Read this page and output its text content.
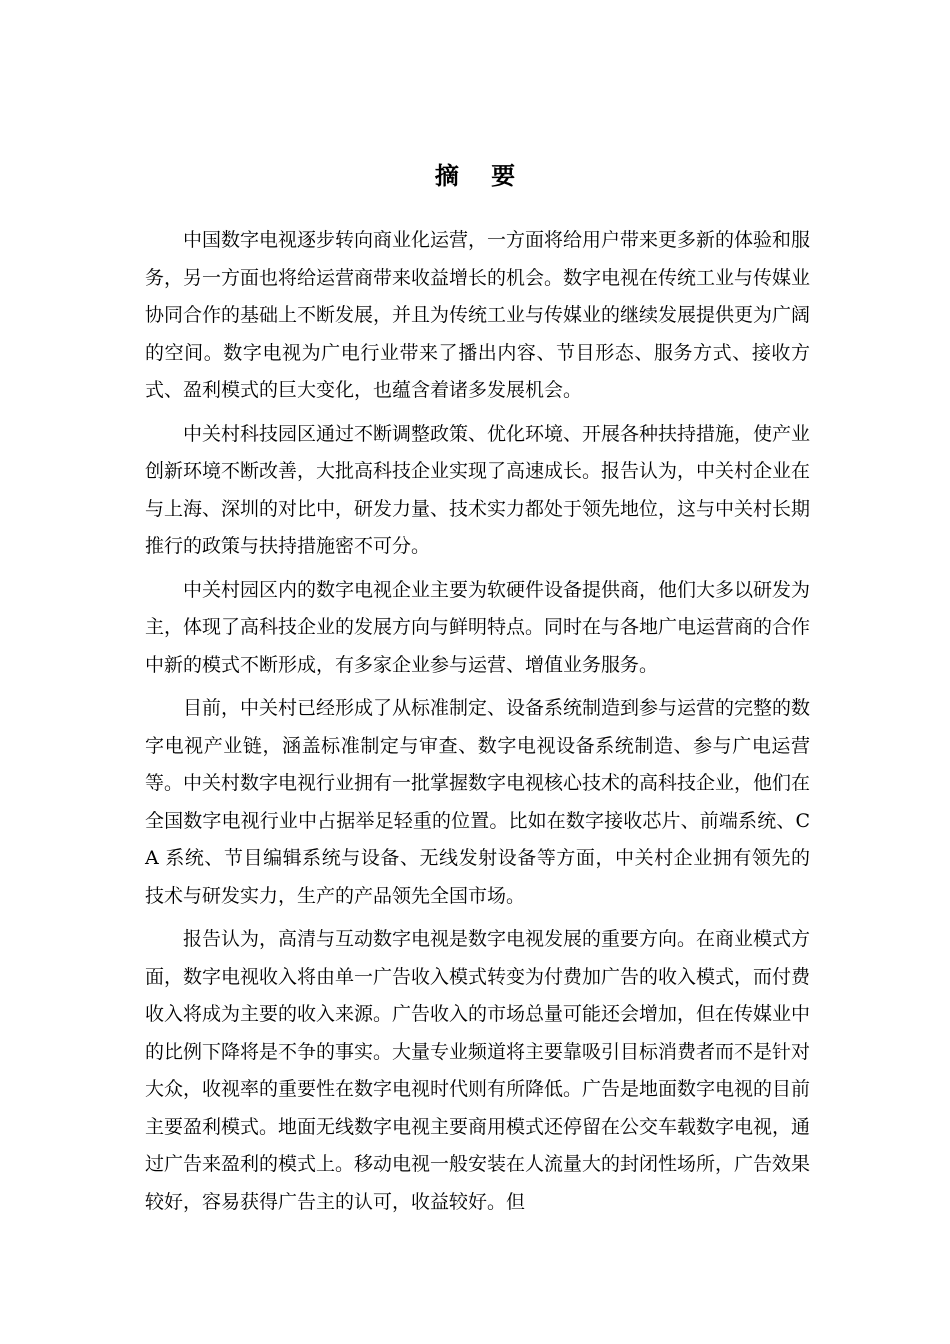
摘 要

中国数字电视逐步转向商业化运营，一方面将给用户带来更多新的体验和服务，另一方面也将给运营商带来收益增长的机会。数字电视在传统工业与传媒业协同合作的基础上不断发展，并且为传统工业与传媒业的继续发展提供更为广阔的空间。数字电视为广电行业带来了播出内容、节目形态、服务方式、接收方式、盈利模式的巨大变化，也蕴含着诸多发展机会。

中关村科技园区通过不断调整政策、优化环境、开展各种扶持措施，使产业创新环境不断改善，大批高科技企业实现了高速成长。报告认为，中关村企业在与上海、深圳的对比中，研发力量、技术实力都处于领先地位，这与中关村长期推行的政策与扶持措施密不可分。

中关村园区内的数字电视企业主要为软硬件设备提供商，他们大多以研发为主，体现了高科技企业的发展方向与鲜明特点。同时在与各地广电运营商的合作中新的模式不断形成，有多家企业参与运营、增值业务服务。

目前，中关村已经形成了从标准制定、设备系统制造到参与运营的完整的数字电视产业链，涵盖标准制定与审查、数字电视设备系统制造、参与广电运营等。中关村数字电视行业拥有一批掌握数字电视核心技术的高科技企业，他们在全国数字电视行业中占据举足轻重的位置。比如在数字接收芯片、前端系统、CA 系统、节目编辑系统与设备、无线发射设备等方面，中关村企业拥有领先的技术与研发实力，生产的产品领先全国市场。

报告认为，高清与互动数字电视是数字电视发展的重要方向。在商业模式方面，数字电视收入将由单一广告收入模式转变为付费加广告的收入模式，而付费收入将成为主要的收入来源。广告收入的市场总量可能还会增加，但在传媒业中的比例下降将是不争的事实。大量专业频道将主要靠吸引目标消费者而不是针对大众，收视率的重要性在数字电视时代则有所降低。广告是地面数字电视的目前主要盈利模式。地面无线数字电视主要商用模式还停留在公交车载数字电视，通过广告来盈利的模式上。移动电视一般安装在人流量大的封闭性场所，广告效果较好，容易获得广告主的认可，收益较好。但
